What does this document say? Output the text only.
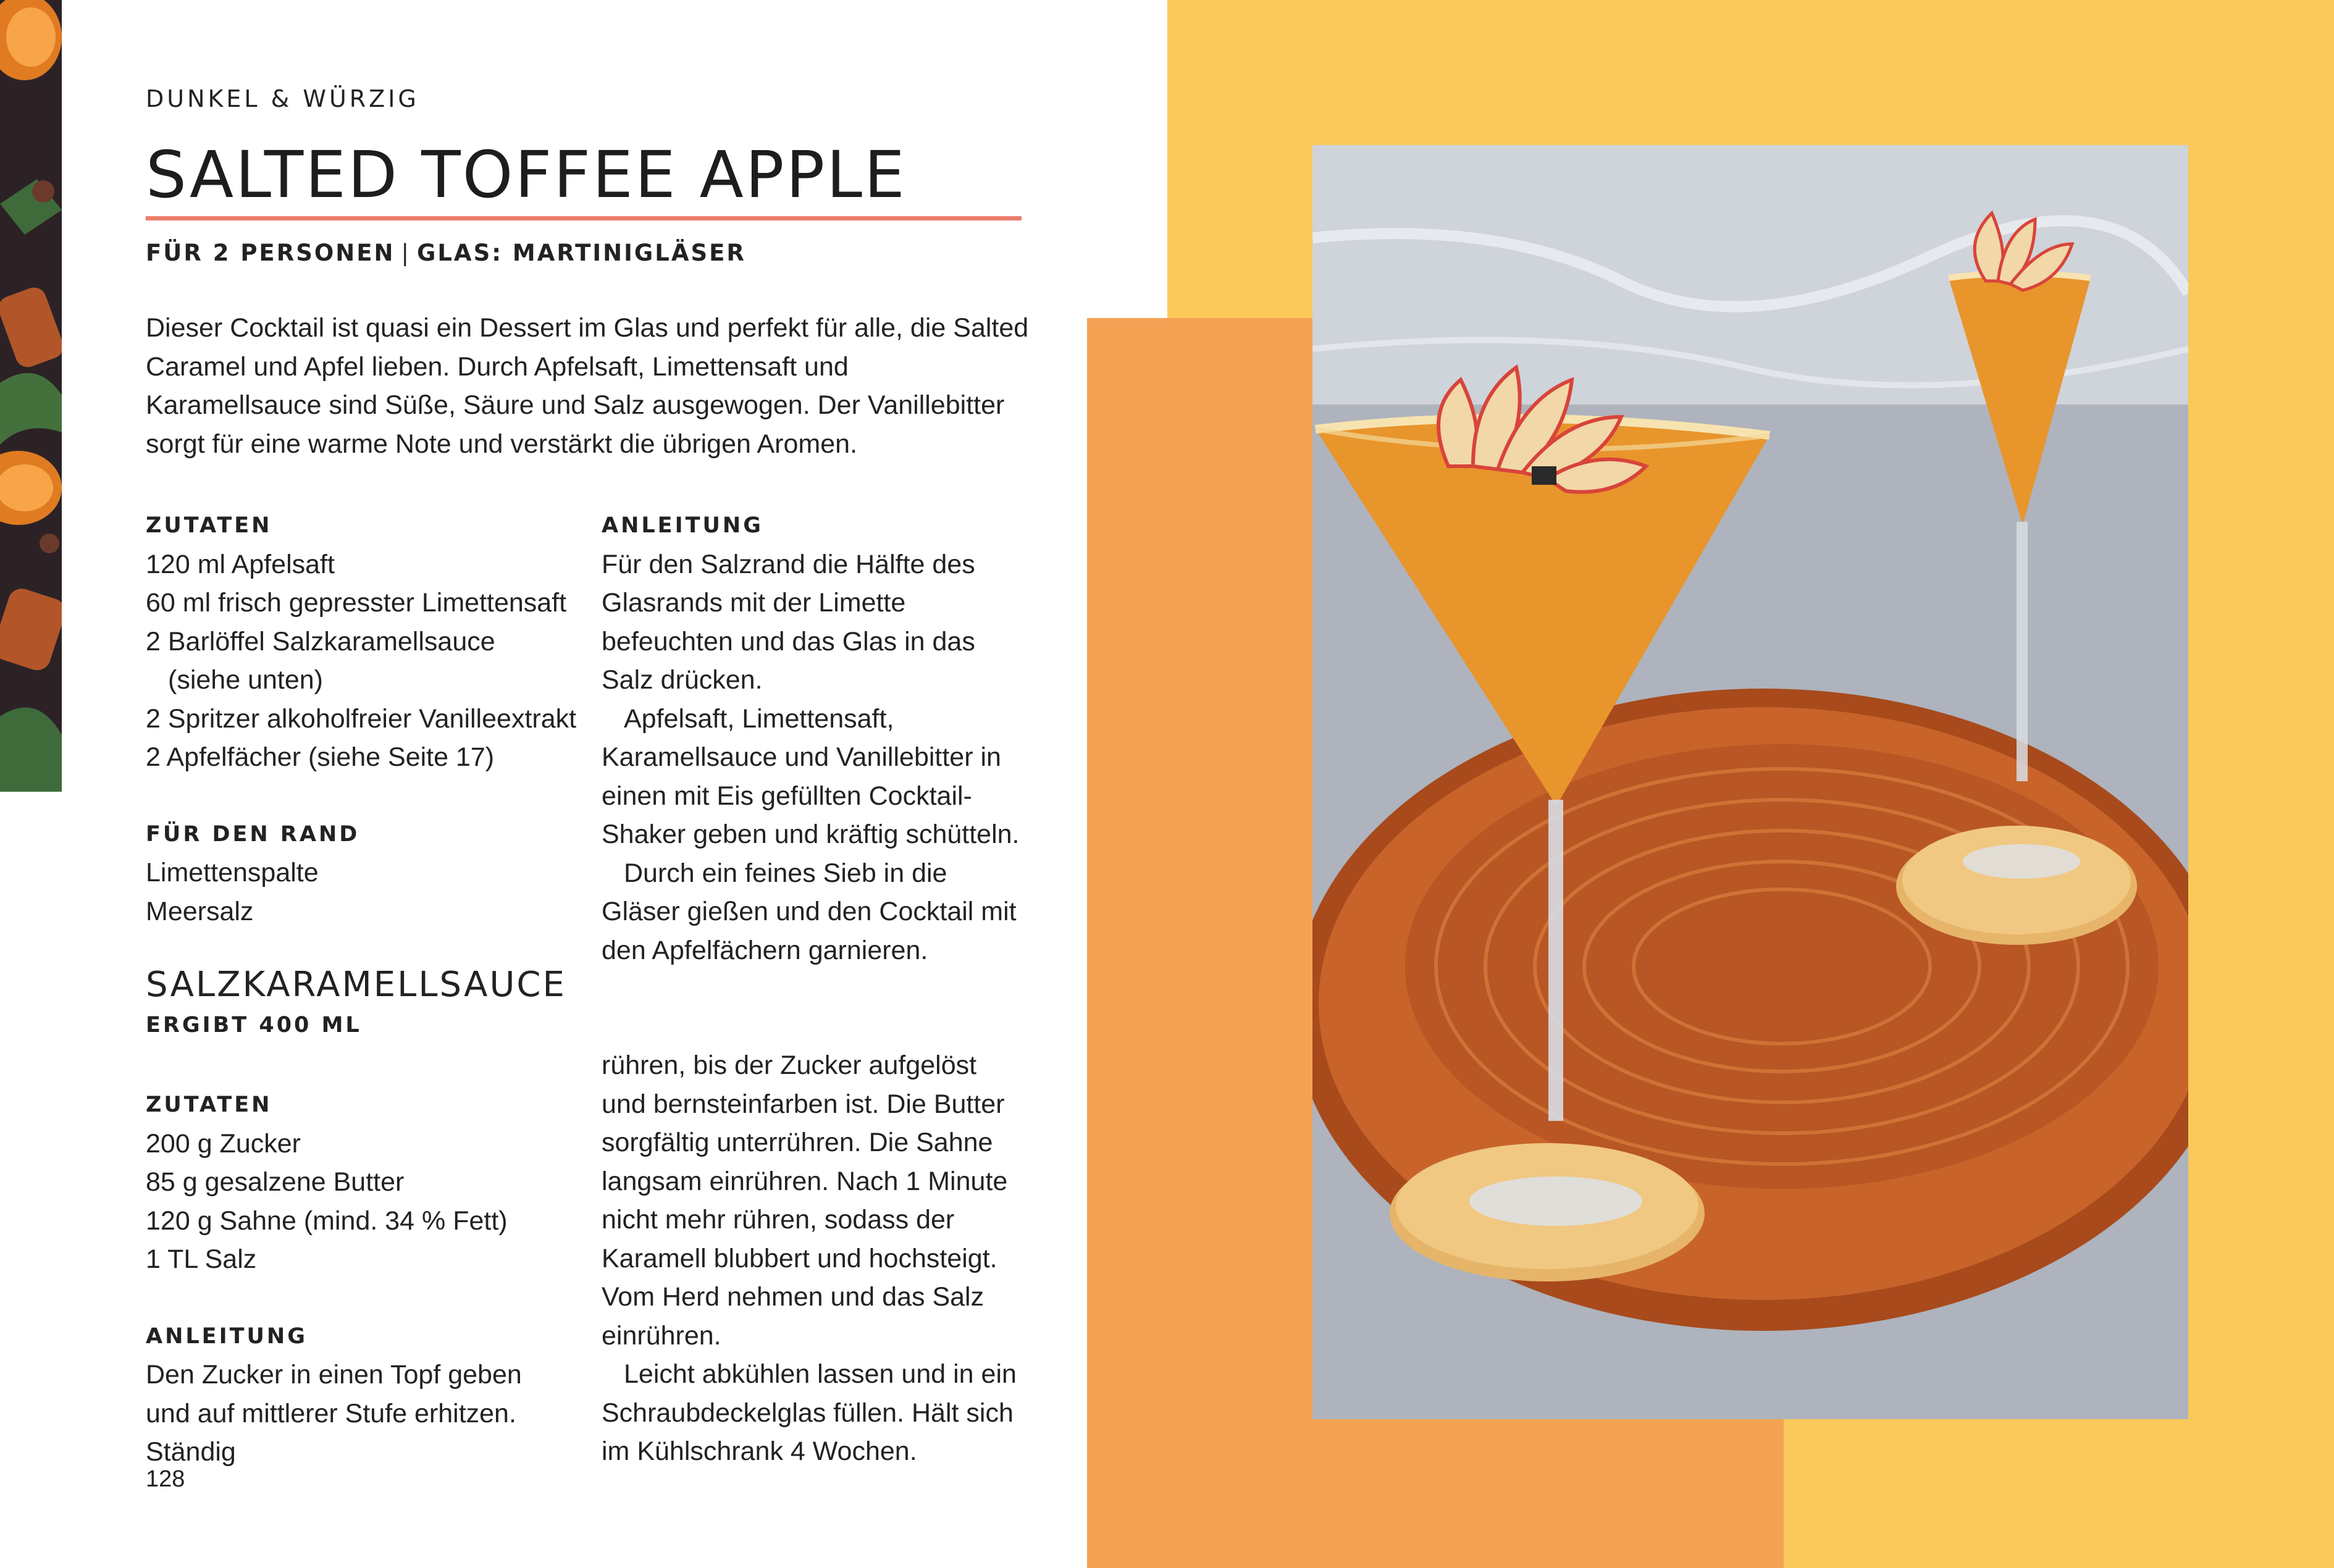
DUNKEL & WÜRZIG
SALTED TOFFEE APPLE
FÜR 2 PERSONEN | GLAS: MARTINIGLÄSER
Dieser Cocktail ist quasi ein Dessert im Glas und perfekt für alle, die Salted Caramel und Apfel lieben. Durch Apfelsaft, Limettensaft und Karamellsauce sind Süße, Säure und Salz ausgewogen. Der Vanillebitter sorgt für eine warme Note und verstärkt die übrigen Aromen.
ZUTATEN
120 ml Apfelsaft
60 ml frisch gepresster Limettensaft
2 Barlöffel Salzkaramellsauce
(siehe unten)
2 Spritzer alkoholfreier Vanilleextrakt
2 Apfelfächer (siehe Seite 17)
FÜR DEN RAND
Limettenspalte
Meersalz
ANLEITUNG

Für den Salzrand die Hälfte des Glasrands mit der Limette befeuchten und das Glas in das Salz drücken.

Apfelsaft, Limettensaft, Karamellsauce und Vanillebitter in einen mit Eis gefüllten Cocktail-Shaker geben und kräftig schütteln.

Durch ein feines Sieb in die Gläser gießen und den Cocktail mit den Apfelfächern garnieren.

SALZKARAMELLSAUCE
ERGIBT 400 ML
ZUTATEN
200 g Zucker
85 g gesalzene Butter
120 g Sahne (mind. 34 % Fett)
1 TL Salz
ANLEITUNG

Den Zucker in einen Topf geben und auf mittlerer Stufe erhitzen. Ständig

rühren, bis der Zucker aufgelöst und bernsteinfarben ist. Die Butter sorgfältig unterrühren. Die Sahne langsam einrühren. Nach 1 Minute nicht mehr rühren, sodass der Karamell blubbert und hochsteigt. Vom Herd nehmen und das Salz einrühren.

Leicht abkühlen lassen und in ein Schraubdeckelglas füllen. Hält sich im Kühlschrank 4 Wochen.

128
